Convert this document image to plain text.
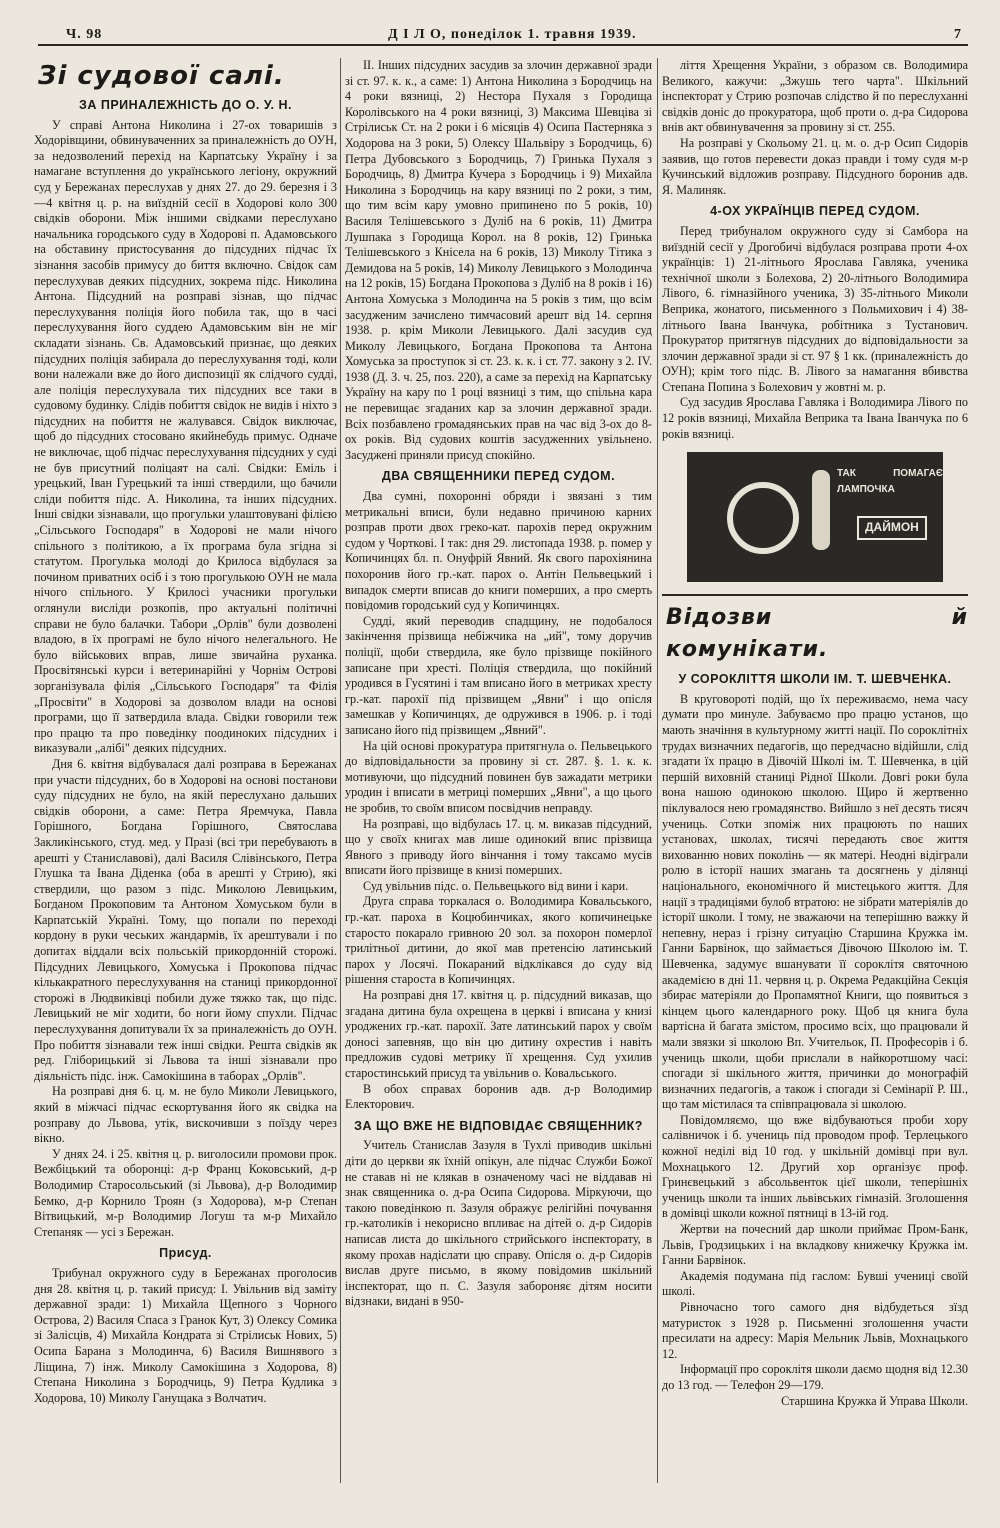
Ч. 98	Д І Л О, понеділок 1. травня 1939.	7

Зі судової салі.

ЗА ПРИНАЛЕЖНІСТЬ ДО О. У. Н.

У справі Антона Николина і 27-ох товаришів з Ходорівщини, обвинуваченних за приналежність до ОУН, за недозволений перехід на Карпатську Україну і за намагане вступлення до українського легіону, окружний суд у Бережанах переслухав у днях 27. до 29. березня і 3—4 квітня ц. р. на виїздній сесії в Ходорові коло 300 свідків оборони. Між іншими свідками переслухано начальника городського суду в Ходорові п. Адамовського на обставину пристосування до підсудних підчас їх зізнання засобів примусу до биття включно. Свідок сам переслухував деяких підсудних, зокрема підс. Николина Антона. Підсудний на розправі зізнав, що підчас переслухування поліція його побила так, що в часі переслухування його суддею Адамовським він не міг складати зізнань. Св. Адамовський признає, що деяких підсудних поліція забирала до переслухування тоді, коли вони належали вже до його диспозиції як слідчого судді, але поліція переслухувала тих підсудних все таки в судовому будинку. Слідів побиття свідок не видів і ніхто з підсудних на побиття не жалувався. Свідок виключає, щоб до підсудних стосовано якийнебудь примус. Одначе не виключає, щоб підчас переслухування підсудних у суді не був присутний поліцаят на салі. Свідки: Еміль і урецький, Іван Гурецький та інші ствердили, що бачили сліди побиття підс. А. Николина, та інших підсудних. Інші свідки зізнавали, що прогульки улаштовувані філією „Сільського Господаря" в Ходорові не мали нічого спільного з політикою, а їх програма була згідна зі статутом. Прогулька молоді до Крилоса відбулася за почином приватних осіб і з тою прогулькою ОУН не мала нічого спільного. У Крилосі учасники прогульки оглянули висліди розкопів, про актуальні політичні справи не було балачки. Табори „Орлів" були дозволені владою, в їх програмі не було нічого нелегального. Не було військових вправ, лише звичайна руханка. Просвітянські курси і ветеринарійні у Чорнім Острові зорганізувала філія „Сільського Господаря" та Філія „Просвіти" в Ходорові за дозволом влади на основі програми, що її затвердила влада. Свідки говорили теж про працю та про поведінку поодиноких підсудних і виказували „алібі" деяких підсудних.

Дня 6. квітня відбувалася далі розправа в Бережанах при участи підсудних, бо в Ходорові на основі постанови суду підсудних не було, на якій переслухано дальших свідків оборони, а саме: Петра Яремчука, Павла Горішного, Богдана Горішного, Святослава Закликінського, студ. мед. у Празі (всі три перебувають в арешті у Станиславові), далі Василя Слівінського, Петра Глушка та Івана Діденка (оба в арешті у Стрию), які ствердили, що разом з підс. Миколою Левицьким, Богданом Прокоповим та Антоном Хомуськом були в Карпатській Україні. Тому, що попали по переході кордону в руки чеських жандармів, їх арештували і по допитах віддали всіх польській прикордонній сторожі. Підсудних Левицького, Хомуська і Прокопова підчас кількакратного переслухування на станиці прикордонної сторожі в Людвиківці побили дуже тяжко так, що підс. Левицький не міг ходити, бо ноги йому спухли. Підчас переслухування допитували їх за приналежність до ОУН. Про побиття зізнавали теж інші свідки. Решта свідків як ред. Гліборицький зі Львова та інші зізнавали про діяльність підс. інж. Самокішина в таборах „Орлів".

На розправі дня 6. ц. м. не було Миколи Левицького, який в міжчасі підчас ескортування його як свідка на розправу до Львова, утік, вискочивши з поїзду через вікно.

У днях 24. і 25. квітня ц. р. виголосили промови прок. Вежбіцький та оборонці: д-р Франц Коковський, д-р Володимир Старосольський (зі Львова), д-р Володимир Бемко, д-р Корнило Троян (з Ходорова), м-р Степан Вітвицький, м-р Володимир Логуш та м-р Михайло Степаняк — усі з Бережан.

Присуд.

Трибунал окружного суду в Бережанах проголосив дня 28. квітня ц. р. такий присуд: І. Увільнив від заміту державної зради: 1) Михайла Щепного з Чорного Острова, 2) Василя Спаса з Гранок Кут, 3) Олексу Сомика зі Залісців, 4) Михайла Кондрата зі Стрілиськ Нових, 5) Осипа Барана з Молодинча, 6) Василя Вишнявого з Ліщина, 7) інж. Миколу Самокішина з Ходорова, 8) Степана Николина з Бородчиць, 9) Петра Кудлика з Ходорова, 10) Миколу Ганущака з Волчатич.

II. Інших підсудних засудив за злочин державної зради зі ст. 97. к. к., а саме: 1) Антона Николина з Бородчиць на 4 роки вязниці, 2) Нестора Пухаля з Городища Королівського на 4 роки вязниці, 3) Максима Шевціва зі Стрілиськ Ст. на 2 роки і 6 місяців 4) Осипа Пастерняка з Ходорова на 3 роки, 5) Олексу Шальвіру з Бородчиць, 6) Петра Дубовського з Бородчиць, 7) Гринька Пухаля з Бородчиць, 8) Дмитра Кучера з Бородчиць і 9) Михайла Николина з Бородчиць на кару вязниці по 2 роки, з тим, що тим всім кару умовно припинено по 5 років, 10) Василя Телішевського з Дуліб на 6 років, 11) Дмитра Лушпака з Городища Корол. на 8 років, 12) Гринька Телішевського з Кнісела на 6 років, 13) Миколу Тітика з Демидова на 5 років, 14) Миколу Левицького з Молодинча на 12 років, 15) Богдана Прокопова з Дуліб на 8 років і 16) Антона Хомуська з Молодинча на 5 років з тим, що всім засудженим зачислено тимчасовий арешт від 14. серпня 1938. р. крім Миколи Левицького. Далі засудив суд Миколу Левицького, Богдана Прокопова та Антона Хомуська за проступок зі ст. 23. к. к. і ст. 77. закону з 2. IV. 1938 (Д. З. ч. 25, поз. 220), а саме за перехід на Карпатську Україну на кару по 1 році вязниці з тим, що спільна кара не перевищає згаданих кар за злочин державної зради. Всіх позбавлено громадянських прав на час від 3-ох до 8-ох років. Від судових коштів засудженних увільнено. Засуджені приняли присуд спокійно.

ДВА СВЯЩЕННИКИ ПЕРЕД СУДОМ.

Два сумні, похоронні обряди і звязані з тим метрикальні вписи, були недавно причиною карних розправ проти двох греко-кат. парохів перед окружним судом у Чорткові. І так: дня 29. листопада 1938. р. помер у Копичинцях бл. п. Онуфрій Явний. Як свого парохіянина похоронив його гр.-кат. парох о. Антін Пельвецький і випадок смерти вписав до книги померших, а про смерть повідомив городський суд у Копичинцях.

Судді, який переводив спадщину, не подобалося закінчення прізвища небіжчика на „ий", тому доручив поліції, щоби ствердила, яке було прізвище покійного записане при хресті. Поліція ствердила, що покійний уродився в Гусятині і там вписано його в метриках хресту гр.-кат. парохії під прізвищем „Явни" і що опісля замешкав у Копичинцях, де одружився в 1906. р. і тоді записано його під прізвищем „Явний".

На цій основі прокуратура притягнула о. Пельвецького до відповідальности за провину зі ст. 287. §. 1. к. к. мотивуючи, що підсудний повинен був зажадати метрики уродин і вписати в метриці померших „Явни", а що цього не зробив, то своїм вписом посвідчив неправду.

На розправі, що відбулась 17. ц. м. виказав підсудний, що у своїх книгах мав лише одинокий впис прізвища Явного з приводу його вінчання і тому таксамо мусів вписати його прізвище в книзі померших.

Суд увільнив підс. о. Пельвецького від вини і кари.

Друга справа торкалася о. Володимира Ковальського, гр.-кат. пароха в Коцюбинчиках, якого копичинецьке старосто покарало гривною 20 зол. за похорон померлої трилітньої дитини, до якої мав претенсію латинський парох у Лосячі. Покараний відклікався до суду від рішення староста в Копичинцях.

На розправі дня 17. квітня ц. р. підсудний виказав, що згадана дитина була охрещена в церкві і вписана у книзі уроджених гр.-кат. парохії. Зате латинський парох у своїм доносі запевняв, що він цю дитину охрестив і навіть предложив судові метрику її хрещення. Суд ухилив старостинський присуд та увільнив о. Ковальського.

В обох справах боронив адв. д-р Володимир Електорович.

ЗА ЩО ВЖЕ НЕ ВІДПОВІДАЄ СВЯЩЕННИК?

Учитель Станислав Зазуля в Тухлі приводив шкільні діти до церкви як їхній опікун, але підчас Служби Божої не ставав ні не клякав в означеному часі не віддавав ні знак священника о. д-ра Осипа Сидорова. Міркуючи, що такою поведінкою п. Зазуля ображує релігійні почування гр.-католиків і некорисно впливає на дітей о. д-р Сидорів написав листа до шкільного стрийського інспекторату, в якому прохав надіслати цю справу. Опісля о. д-р Сидорів вислав друге письмо, в якому повідомив шкільний інспекторат, що п. С. Зазуля забороняє дітям носити відзнаки, видані в 950-

ліття Хрещення України, з образом св. Володимира Великого, кажучи: „Зжушь тего чарта". Шкільний інспекторат у Стрию розпочав слідство й по переслуханні свідків доніс до прокуратора, щоб проти о. д-ра Сидорова внів акт обвинувачення за провину зі ст. 255.

На розправі у Скольому 21. ц. м. о. д-р Осип Сидорів заявив, що готов перевести доказ правди і тому судя м-р Кучинський відложив розправу. Підсудного боронив адв. Я. Малиняк.

4-ОХ УКРАЇНЦІВ ПЕРЕД СУДОМ.

Перед трибуналом окружного суду зі Самбора на виїздній сесії у Дрогобичі відбулася розправа проти 4-ох українців: 1) 21-літнього Ярослава Гавляка, ученика технічної школи з Болехова, 2) 20-літнього Володимира Лівого, 6. гімназійного ученика, 3) 35-літнього Миколи Веприка, жонатого, письменного з Польмихович і 4) 38-літнього Івана Іванчука, робітника з Тустанович. Прокуратор притягнув підсудних до відповідальности за злочин державної зради зі ст. 97 § 1 кк. (приналежність до ОУН); крім того підс. В. Лівого за намагання вбивства Степана Попина з Болехович у жовтні м. р.

Суд засудив Ярослава Гавляка і Володимира Лівого по 12 років вязниці, Михайла Веприка та Івана Іванчука по 6 років вязниці.

ТАК ПОМАГАЄ ЛАМПОЧКА
ДАЙМОН

Відозви й комунікати.

У СОРОКЛІТТЯ ШКОЛИ ІМ. Т. ШЕВЧЕНКА.

В круговороті подій, що їх переживаємо, нема часу думати про минуле. Забуваємо про працю установ, що мають значіння в культурному житті нації. По сороклітніх трудах визначних педагогів, що передчасно відійшли, слід згадати їх працю в Дівочій Школі ім. Т. Шевченка, в цій першій виховній станиці Рідної Школи. Довгі роки була вона нашою одинокою школою. Щиро й жертвенно піклувалося нею громадянство. Вийшло з неї десять тисяч учениць. Сотки зпоміж них працюють по наших установах, школах, тисячі передають своє життя вихованню нових поколінь — як матері. Неодні відіграли ролю в історії наших змагань та досягнень у ділянці національного, економічного й мистецького життя. Для нації з традиціями булоб втратою: не зібрати матеріялів до історії школи. І тому, не зважаючи на теперішню важку й непевну, нераз і грізну ситуацію Старшина Кружка ім. Ганни Барвінок, що займається Дівочою Школою ім. Т. Шевченка, задумує вшанувати її сороклітя святочною академією в дні 11. червня ц. р. Окрема Редакційна Секція збирає матеріяли до Пропамятної Книги, що появиться з кінцем цього календарного року. Щоб ця книга була вартісна й багата змістом, просимо всіх, що працювали й мали звязки зі школою Вп. Учительок, П. Професорів і б. учениць школи, щоби прислали в найкоротшому часі: спогади зі шкільного життя, причинки до монографій визначних педагогів, а також і спогади зі Семінарії Р. Ш., що там містилася та співпрацювала зі школою.

Повідомляємо, що вже відбуваються проби хору салівничок і б. учениць під проводом проф. Терлецького кожної неділі від 10 год. у шкільній домівці при вул. Мохнацького 12. Другий хор організує проф. Гринєвецький з абсольвенток цієї школи, теперішніх учениць школи та інших львівських гімназій. Зголошення в домівці школи кожної пятниці в 13-ій год.

Жертви на почесний дар школи приймає Пром-Банк, Львів, Гродзицьких і на вкладкову книжечку Кружка ім. Ганни Барвінок.

Академія подумана під гаслом: Бувші учениці своїй школі.

Рівночасно того самого дня відбудеться зїзд матуристок з 1928 р. Письменні зголошення участи пресилати на адресу: Марія Мельник Львів, Мохнацького 12.

Інформації про сороклітя школи даємо щодня від 12.30 до 13 год. — Телефон 29—179.

Старшина Кружка й Управа Школи.
